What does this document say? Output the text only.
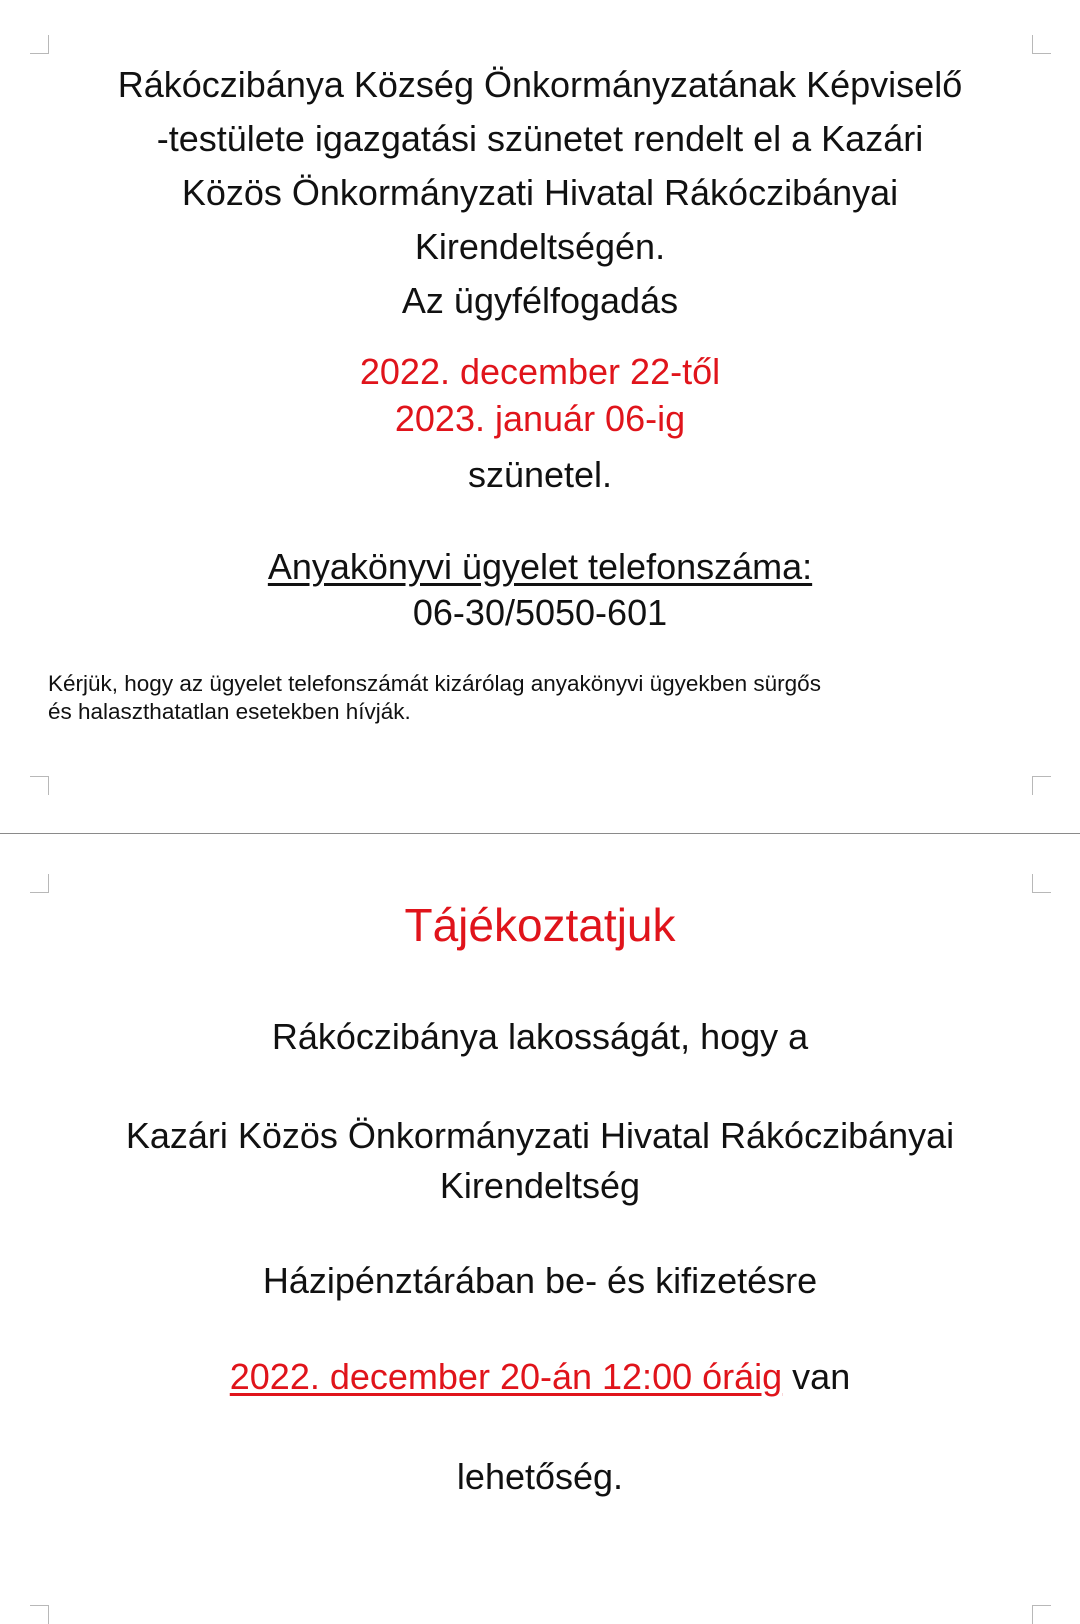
Rákóczibánya Község Önkormányzatának Képviselő
-testülete igazgatási szünetet rendelt el a Kazári
Közös Önkormányzati Hivatal Rákóczibányai
Kirendeltségén.
Az ügyfélfogadás

2022. december 22-től
2023. január 06-ig

szünetel.

Anyakönyvi ügyelet telefonszáma:

06-30/5050-601

Kérjük, hogy az ügyelet telefonszámát kizárólag anyakönyvi ügyekben sürgős
és halaszthatatlan esetekben hívják.

Tájékoztatjuk

Rákóczibánya lakosságát, hogy a

Kazári Közös Önkormányzati Hivatal Rákóczibányai
Kirendeltség

Házipénztárában be- és kifizetésre

2022. december 20-án 12:00 óráig van

lehetőség.
